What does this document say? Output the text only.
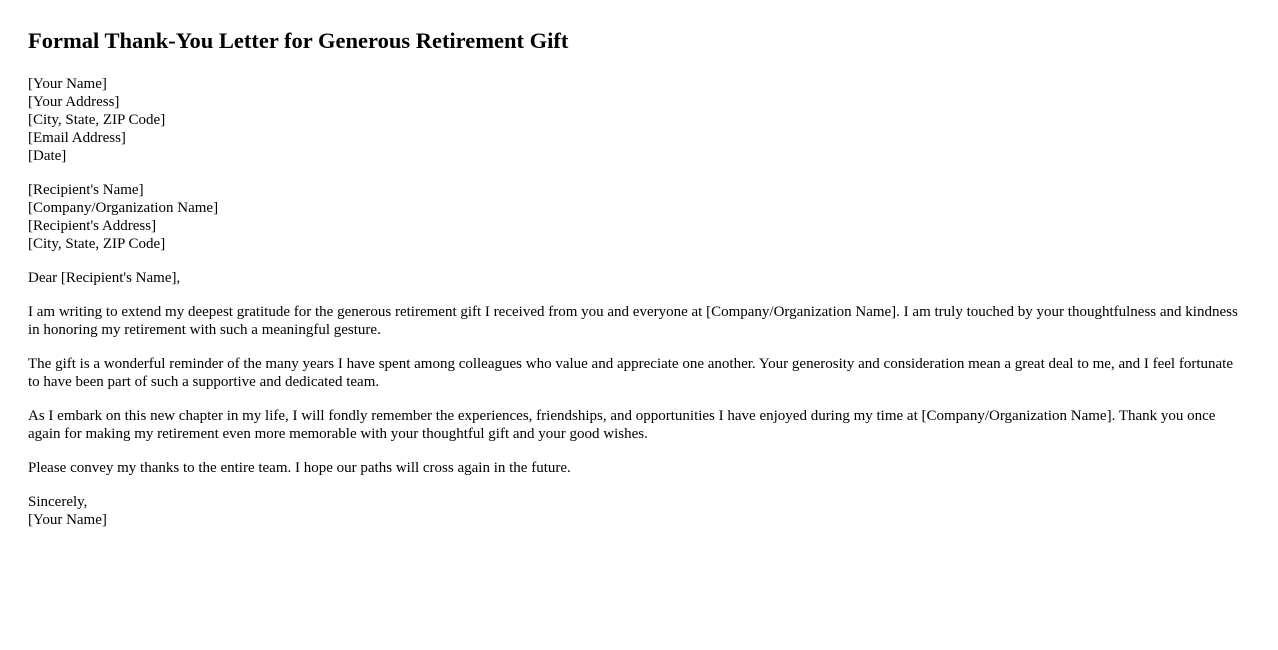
Formal Thank-You Letter for Generous Retirement Gift
[Your Name]
[Your Address]
[City, State, ZIP Code]
[Email Address]
[Date]
[Recipient's Name]
[Company/Organization Name]
[Recipient's Address]
[City, State, ZIP Code]

Dear [Recipient's Name],

I am writing to extend my deepest gratitude for the generous retirement gift I received from you and everyone at [Company/Organization Name]. I am truly touched by your thoughtfulness and kindness in honoring my retirement with such a meaningful gesture.

The gift is a wonderful reminder of the many years I have spent among colleagues who value and appreciate one another. Your generosity and consideration mean a great deal to me, and I feel fortunate to have been part of such a supportive and dedicated team.

As I embark on this new chapter in my life, I will fondly remember the experiences, friendships, and opportunities I have enjoyed during my time at [Company/Organization Name]. Thank you once again for making my retirement even more memorable with your thoughtful gift and your good wishes.

Please convey my thanks to the entire team. I hope our paths will cross again in the future.

Sincerely,
[Your Name]
